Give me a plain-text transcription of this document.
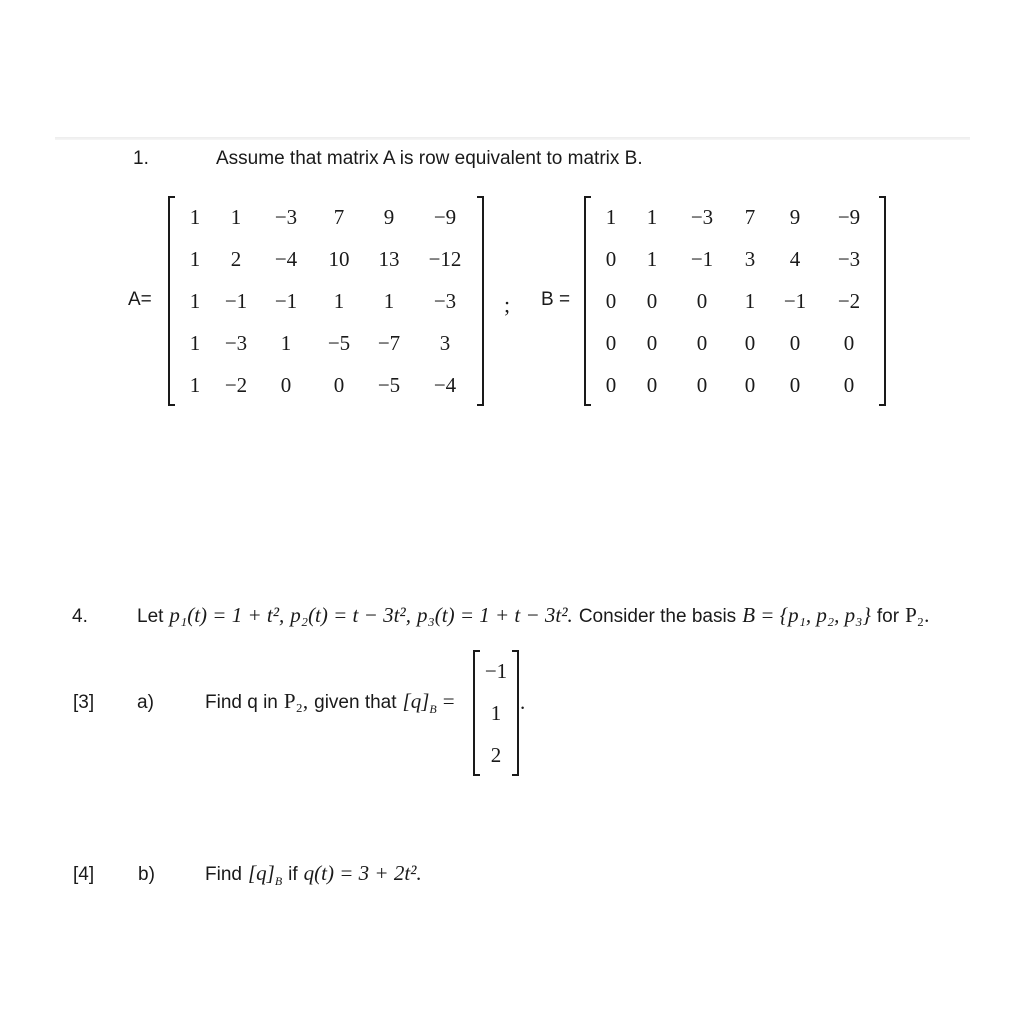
1.	Assume that matrix A is row equivalent to matrix B.
A=
1	1	−3	7	9	−9
1	2	−4	10	13	−12
1	−1	−1	1	1	−3
1	−3	1	−5	−7	3
1	−2	0	0	−5	−4
; B =
1	1	−3	7	9	−9
0	1	−1	3	4	−3
0	0	0	1	−1	−2
0	0	0	0	0	0
0	0	0	0	0	0
4.	Let p₁(t) = 1 + t², p₂(t) = t − 3t², p₃(t) = 1 + t − 3t². Consider the basis B = {p₁, p₂, p₃} for P₂.
[3] a)	Find q in P₂, given that $[q]_B$ =
−1
1
2
.
[4] b)	Find $[q]_B$ if q(t) = 3 + 2t².
